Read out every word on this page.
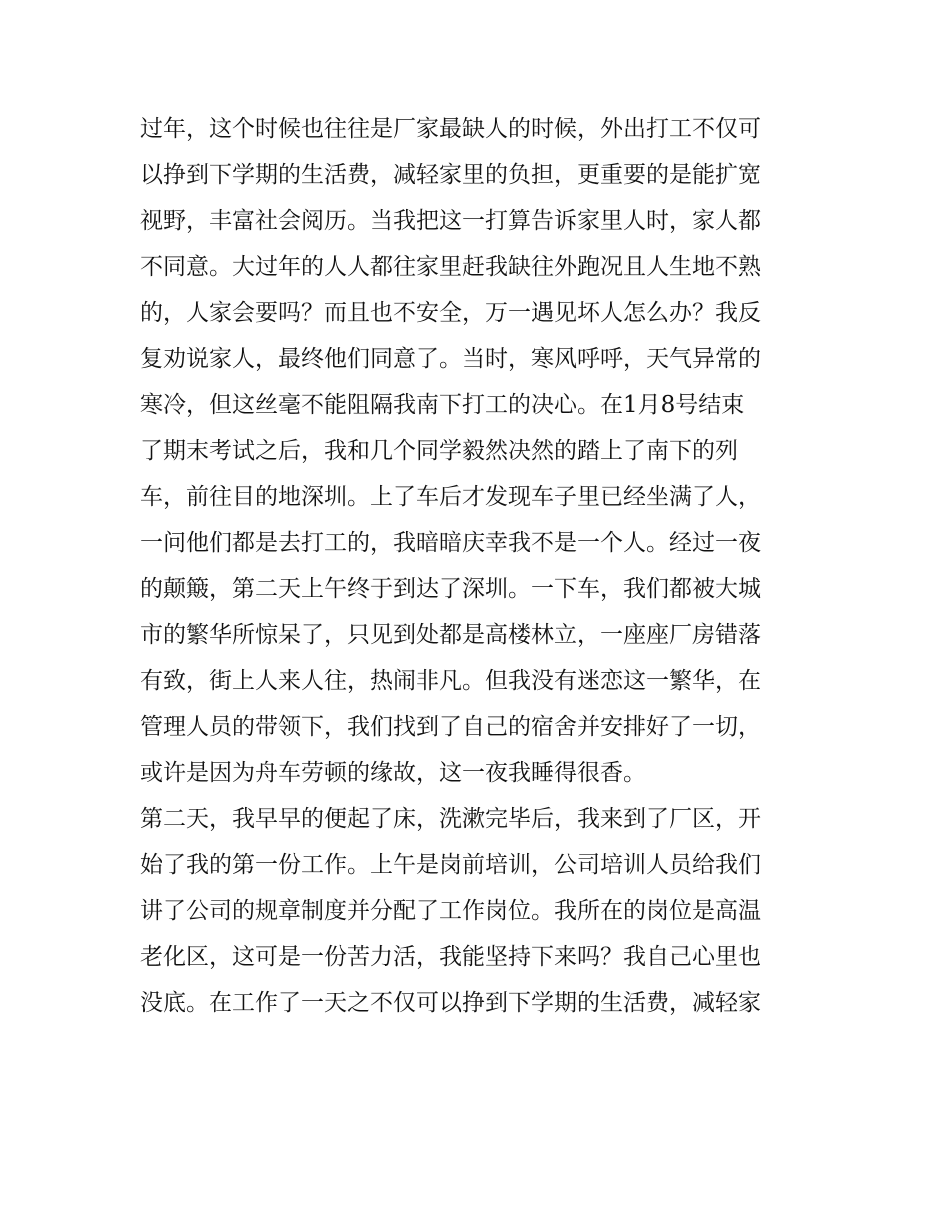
过年，这个时候也往往是厂家最缺人的时候，外出打工不仅可
以挣到下学期的生活费，减轻家里的负担，更重要的是能扩宽
视野，丰富社会阅历。当我把这一打算告诉家里人时，家人都
不同意。大过年的人人都往家里赶我缺往外跑况且人生地不熟
的，人家会要吗？而且也不安全，万一遇见坏人怎么办？我反
复劝说家人，最终他们同意了。当时，寒风呼呼，天气异常的
寒冷，但这丝毫不能阻隔我南下打工的决心。在1月8号结束
了期末考试之后，我和几个同学毅然决然的踏上了南下的列
车，前往目的地深圳。上了车后才发现车子里已经坐满了人，
一问他们都是去打工的，我暗暗庆幸我不是一个人。经过一夜
的颠簸，第二天上午终于到达了深圳。一下车，我们都被大城
市的繁华所惊呆了，只见到处都是高楼林立，一座座厂房错落
有致，街上人来人往，热闹非凡。但我没有迷恋这一繁华，在
管理人员的带领下，我们找到了自己的宿舍并安排好了一切，
或许是因为舟车劳顿的缘故，这一夜我睡得很香。
第二天，我早早的便起了床，洗漱完毕后，我来到了厂区，开
始了我的第一份工作。上午是岗前培训，公司培训人员给我们
讲了公司的规章制度并分配了工作岗位。我所在的岗位是高温
老化区，这可是一份苦力活，我能坚持下来吗？我自己心里也
没底。在工作了一天之不仅可以挣到下学期的生活费，减轻家
